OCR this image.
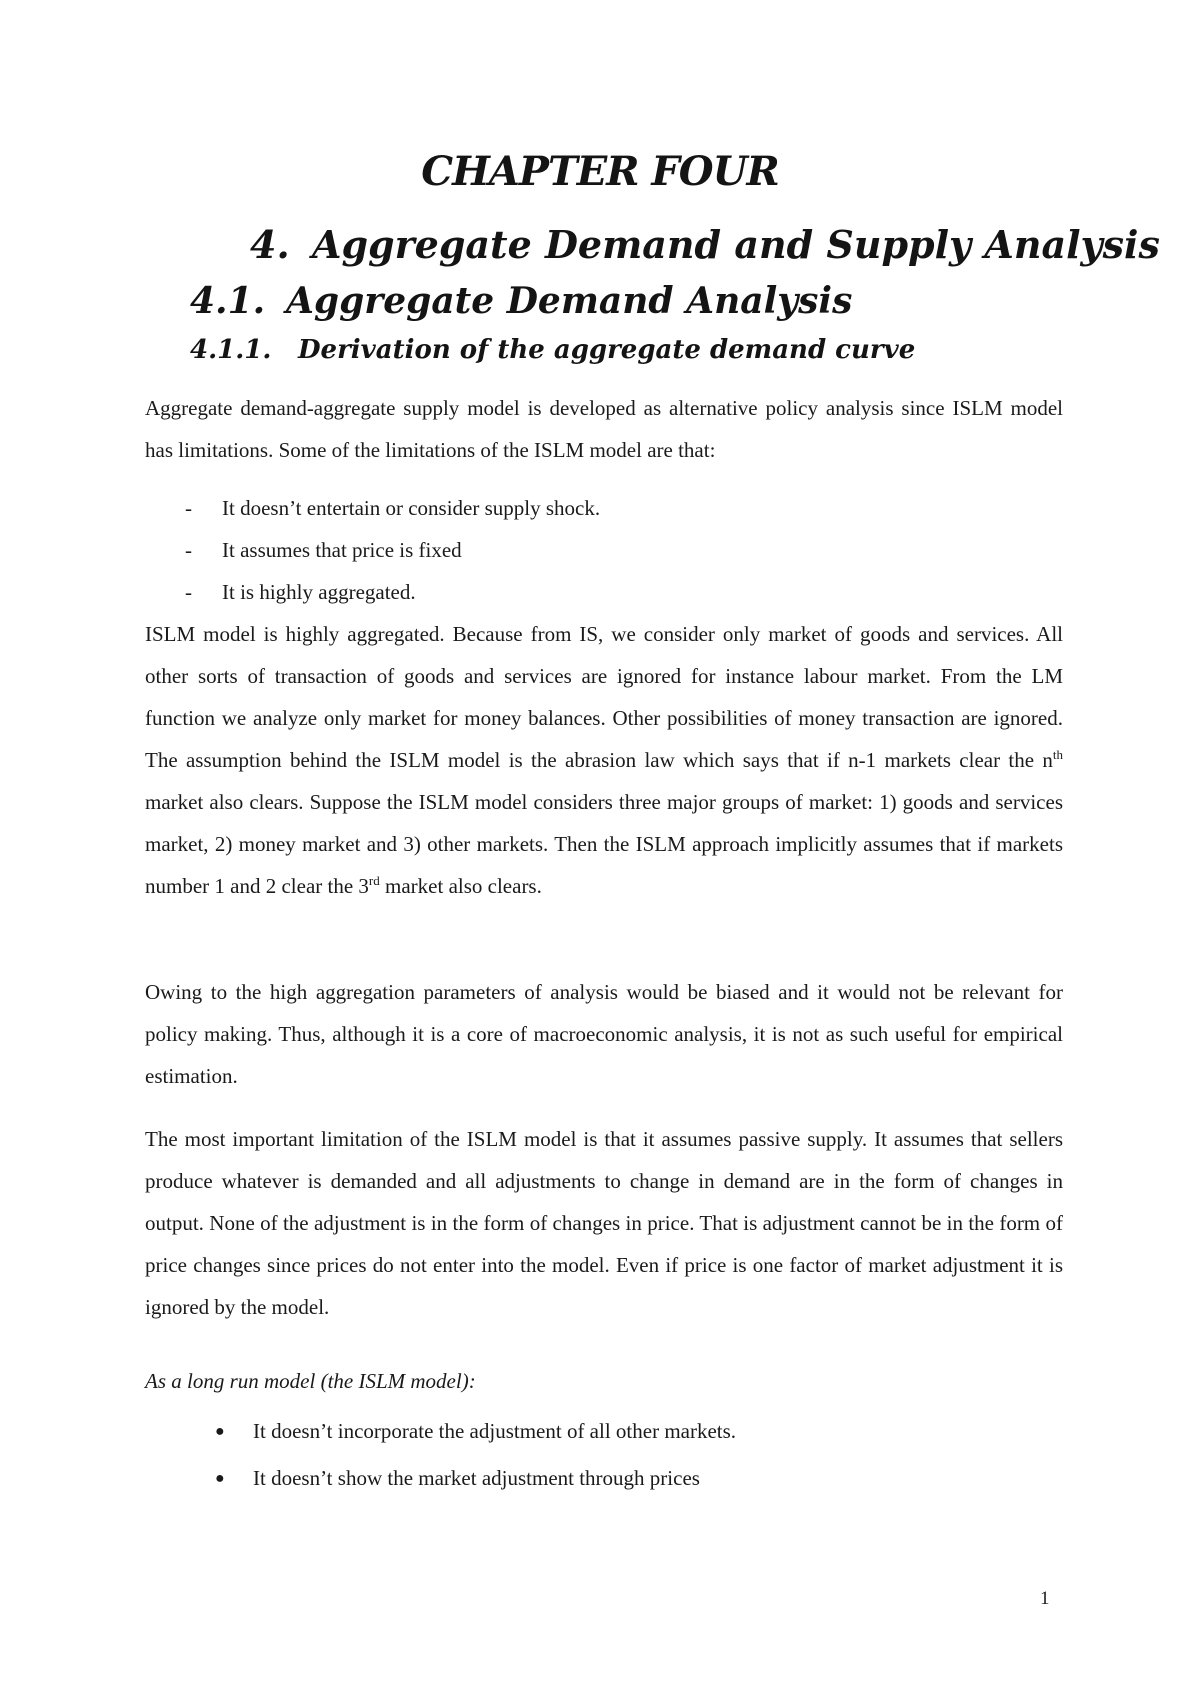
CHAPTER FOUR
4. Aggregate Demand and Supply Analysis
4.1. Aggregate Demand Analysis
4.1.1. Derivation of the aggregate demand curve

Aggregate demand-aggregate supply model is developed as alternative policy analysis since ISLM model has limitations. Some of the limitations of the ISLM model are that:

- It doesn’t entertain or consider supply shock.
- It assumes that price is fixed
- It is highly aggregated.

ISLM model is highly aggregated. Because from IS, we consider only market of goods and services. All other sorts of transaction of goods and services are ignored for instance labour market. From the LM function we analyze only market for money balances. Other possibilities of money transaction are ignored. The assumption behind the ISLM model is the abrasion law which says that if n-1 markets clear the $n^{th}$ market also clears. Suppose the ISLM model considers three major groups of market: 1) goods and services market, 2) money market and 3) other markets. Then the ISLM approach implicitly assumes that if markets number 1 and 2 clear the 3rd market also clears.

Owing to the high aggregation parameters of analysis would be biased and it would not be relevant for policy making. Thus, although it is a core of macroeconomic analysis, it is not as such useful for empirical estimation.

The most important limitation of the ISLM model is that it assumes passive supply. It assumes that sellers produce whatever is demanded and all adjustments to change in demand are in the form of changes in output. None of the adjustment is in the form of changes in price. That is adjustment cannot be in the form of price changes since prices do not enter into the model. Even if price is one factor of market adjustment it is ignored by the model.

As a long run model (the ISLM model):

● It doesn’t incorporate the adjustment of all other markets.
● It doesn’t show the market adjustment through prices
1
